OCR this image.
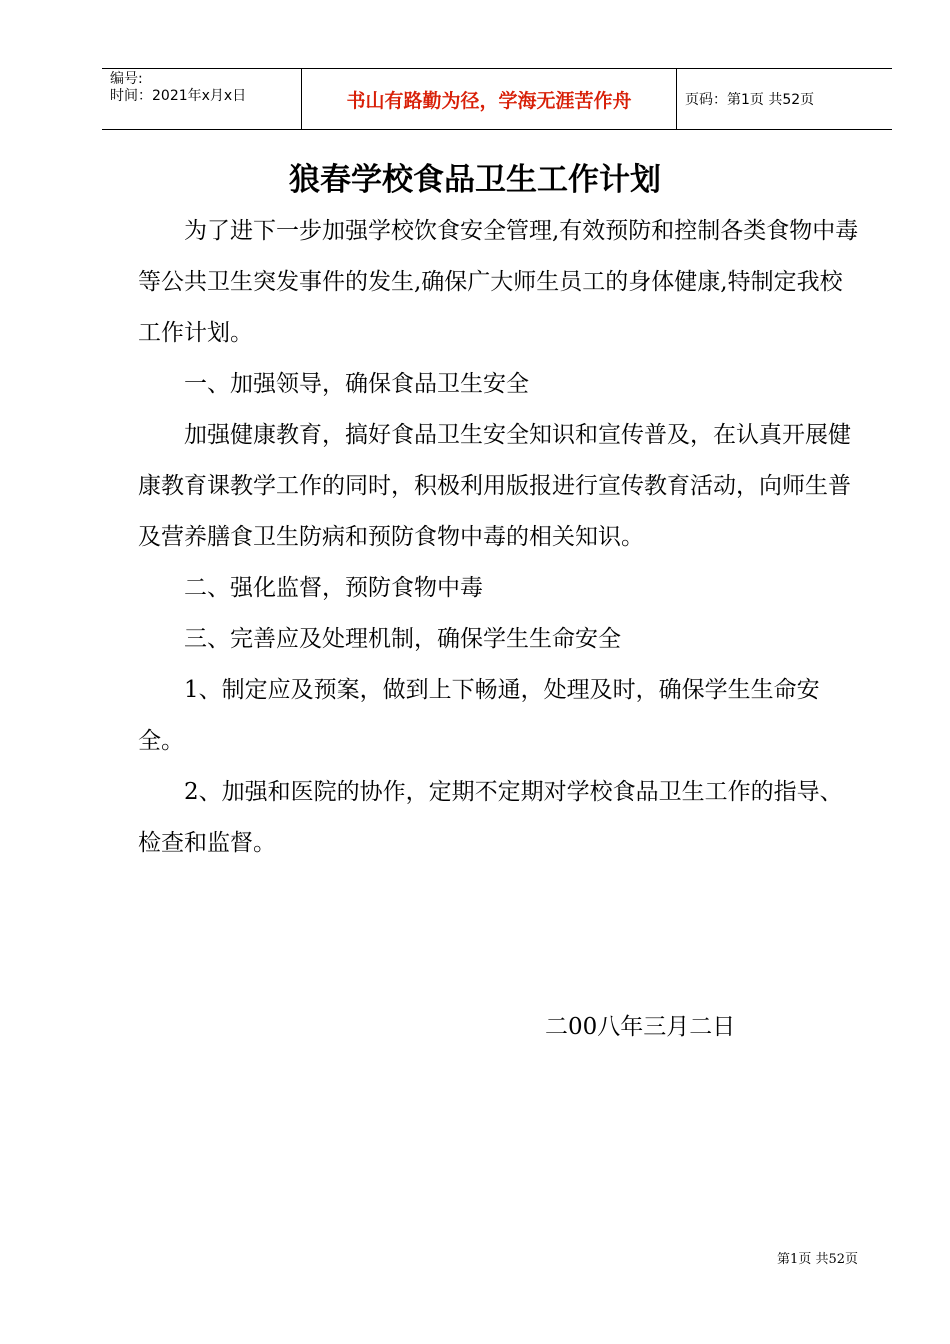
编号:
时间：2021年x月x日	书山有路勤为径，学海无涯苦作舟	页码：第1页 共52页
狼春学校食品卫生工作计划

为了进下一步加强学校饮食安全管理,有效预防和控制各类食物中毒等公共卫生突发事件的发生,确保广大师生员工的身体健康,特制定我校工作计划。

一、加强领导，确保食品卫生安全

加强健康教育，搞好食品卫生安全知识和宣传普及，在认真开展健康教育课教学工作的同时，积极利用版报进行宣传教育活动，向师生普及营养膳食卫生防病和预防食物中毒的相关知识。

二、强化监督，预防食物中毒

三、完善应及处理机制，确保学生生命安全

1、制定应及预案，做到上下畅通，处理及时，确保学生生命安全。

2、加强和医院的协作，定期不定期对学校食品卫生工作的指导、检查和监督。

二00八年三月二日
第1页 共52页
